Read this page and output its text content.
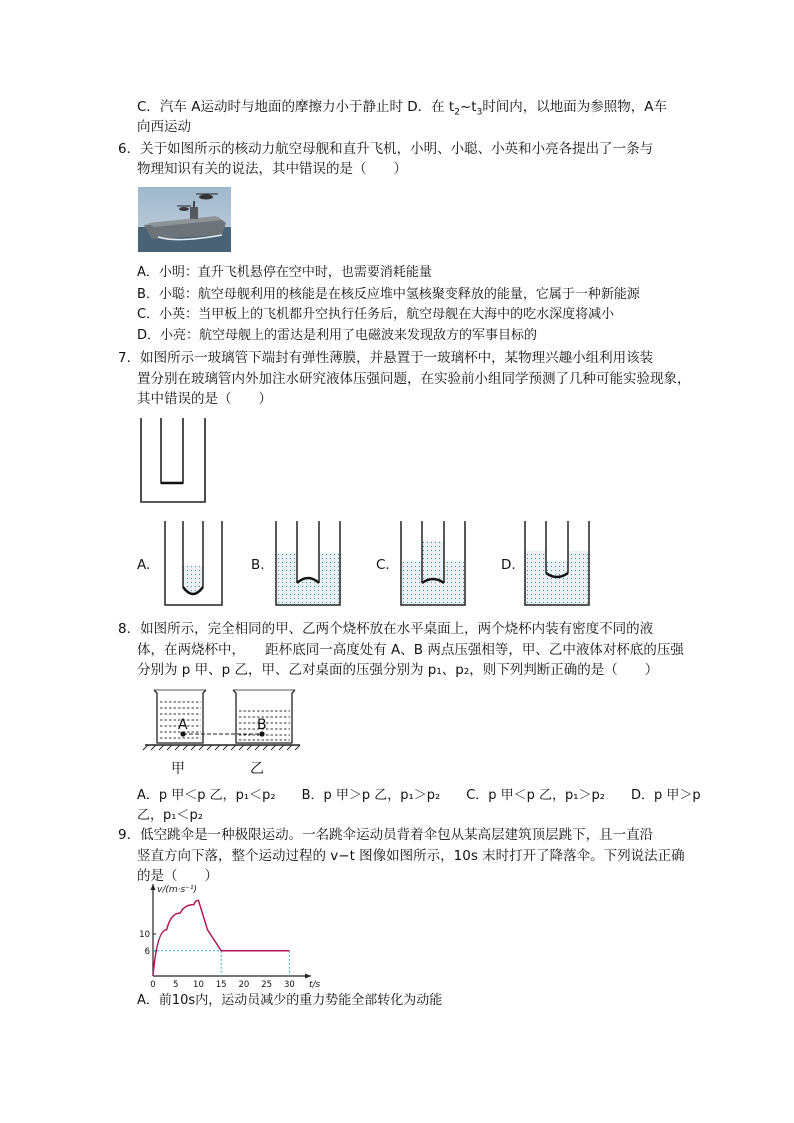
C．汽车 A运动时与地面的摩擦力小于静止时 D．在 $t_2\sim t_3$时间内，以地面为参照物，A车
向西运动
6．关于如图所示的核动力航空母舰和直升飞机，小明、小聪、小英和小亮各提出了一条与
物理知识有关的说法，其中错误的是（　　）
A．小明：直升飞机悬停在空中时，也需要消耗能量
B．小聪：航空母舰利用的核能是在核反应堆中氢核聚变释放的能量，它属于一种新能源
C．小英：当甲板上的飞机都升空执行任务后，航空母舰在大海中的吃水深度将减小
D．小亮：航空母舰上的雷达是利用了电磁波来发现敌方的军事目标的
7．如图所示一玻璃管下端封有弹性薄膜，并悬置于一玻璃杯中，某物理兴趣小组利用该装
置分别在玻璃管内外加注水研究液体压强问题，在实验前小组同学预测了几种可能实验现象，
其中错误的是（　　）
A.	B.	C.	D.
8．如图所示，完全相同的甲、乙两个烧杯放在水平桌面上，两个烧杯内装有密度不同的液
体，在两烧杯中，　　距杯底同一高度处有 A、B 两点压强相等，甲、乙中液体对杯底的压强
分别为 p 甲、p 乙，甲、乙对桌面的压强分别为 p₁、p₂，则下列判断正确的是（　　）
A	B
甲	乙
A．p 甲＜p 乙，p₁＜p₂　　B．p 甲＞p 乙，p₁＞p₂　　C．p 甲＜p 乙，p₁＞p₂　　D．p 甲＞p
乙，p₁＜p₂
9．低空跳伞是一种极限运动。一名跳伞运动员背着伞包从某高层建筑顶层跳下，且一直沿
竖直方向下落，整个运动过程的 v−t 图像如图所示，10s 末时打开了降落伞。下列说法正确
的是（　　）
v/(m·s⁻¹)
t/s
0 5 10 15 20 25 30
6
10
A．前10s内，运动员减少的重力势能全部转化为动能
